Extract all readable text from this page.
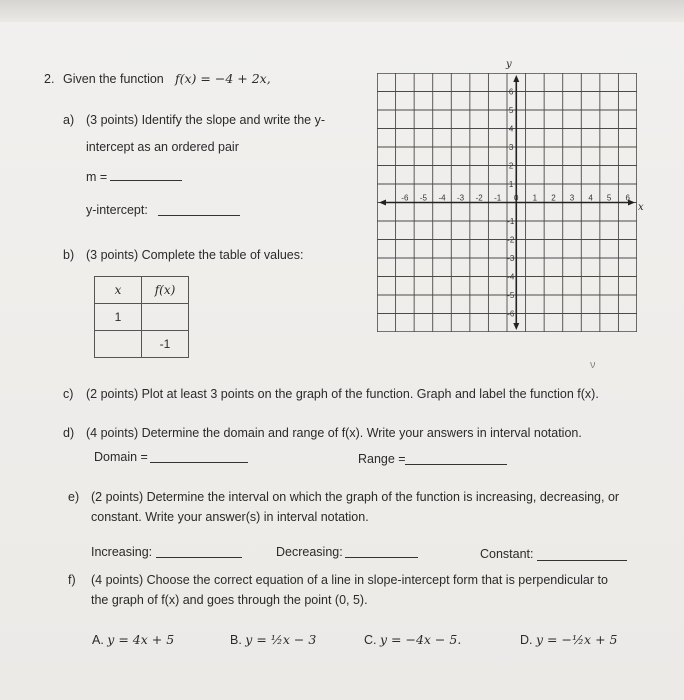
2. Given the function f(x) = −4 + 2x,
a) (3 points) Identify the slope and write the y-
intercept as an ordered pair
m =
y-intercept:
b) (3 points) Complete the table of values:
x	f(x)
1	
	-1
-6 -5 -4 -3 -2 -1 0 1 2 3 4 5 6
6
5
4
3
2
1
-1
-2
-3
-4
-5
-6
y
x
ν
c) (2 points) Plot at least 3 points on the graph of the function. Graph and label the function f(x).
d) (4 points) Determine the domain and range of f(x). Write your answers in interval notation.
Domain =	Range =
e) (2 points) Determine the interval on which the graph of the function is increasing, decreasing, or
constant. Write your answer(s) in interval notation.
Increasing:	Decreasing:	Constant:
f) (4 points) Choose the correct equation of a line in slope-intercept form that is perpendicular to
the graph of f(x) and goes through the point (0, 5).
A. y = 4x + 5	B. y = ½x − 3	C. y = −4x − 5.	D. y = −½x + 5
